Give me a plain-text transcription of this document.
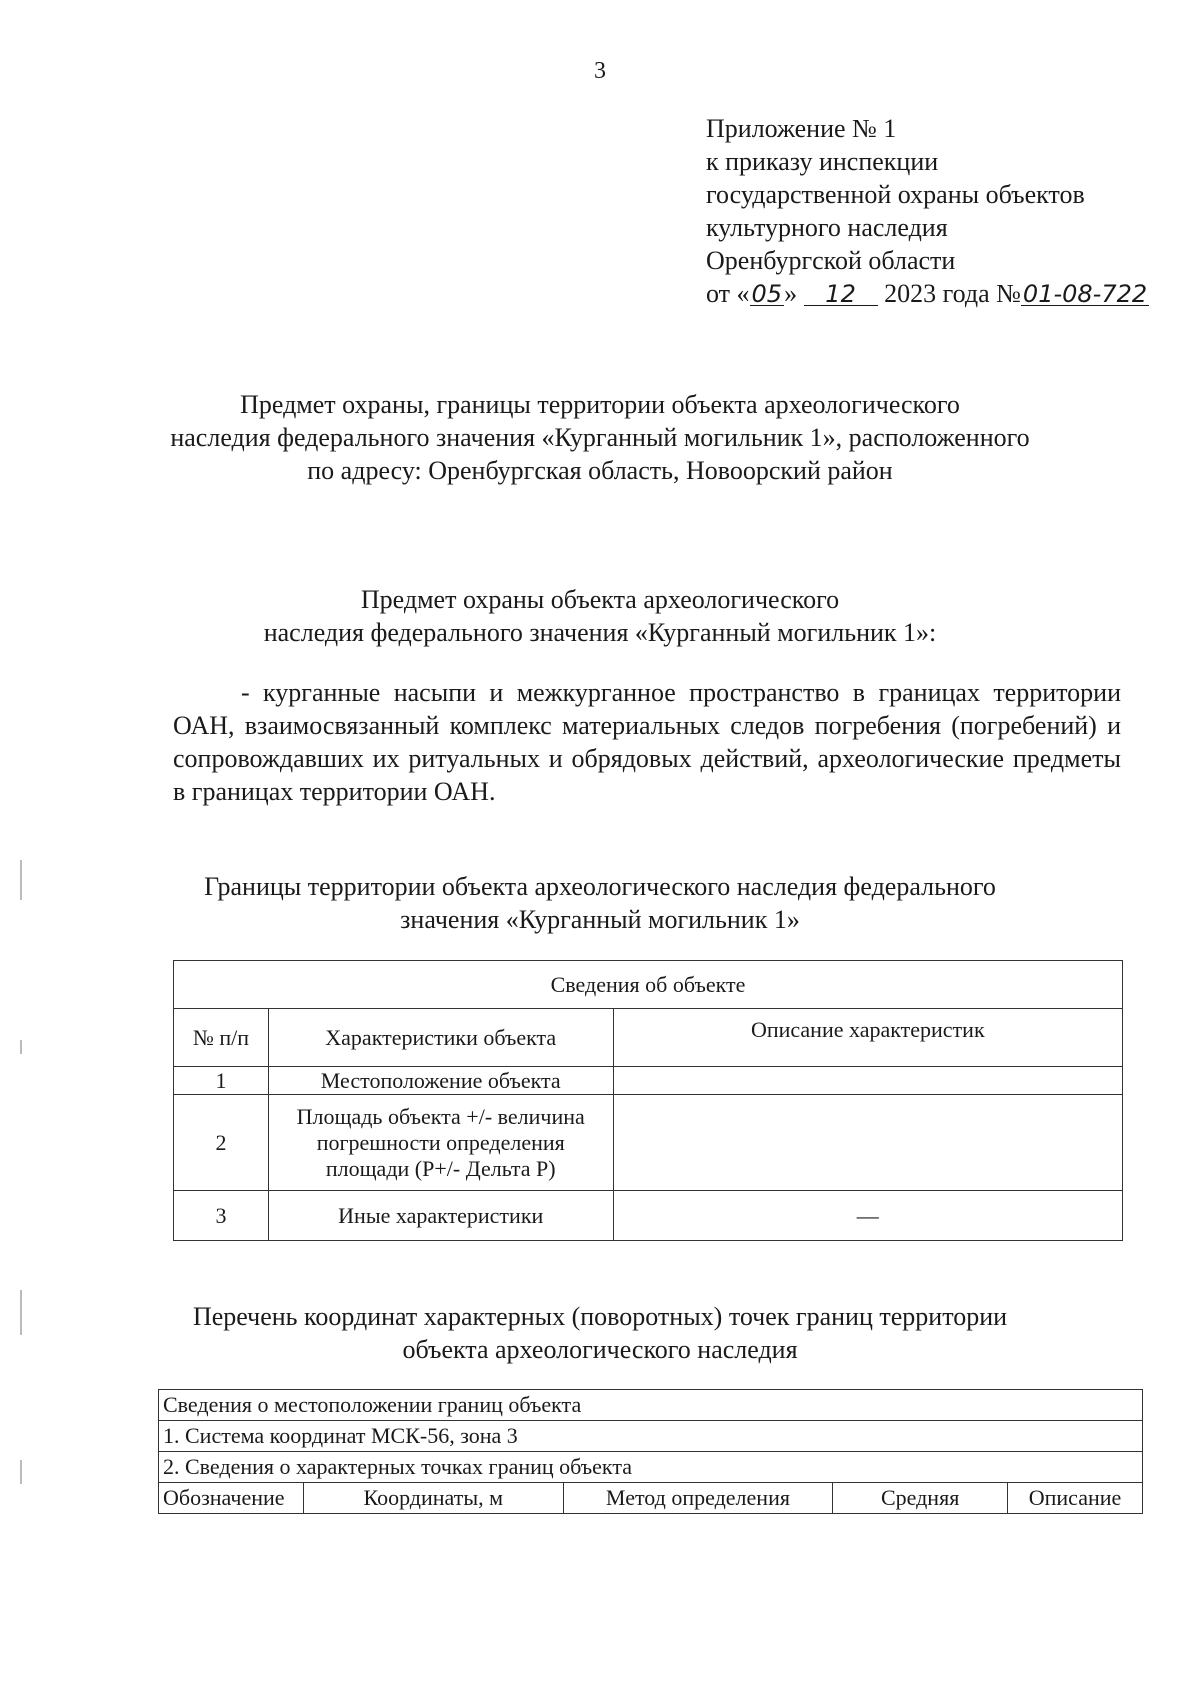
3
Приложение № 1
к приказу инспекции
государственной охраны объектов
культурного наследия
Оренбургской области
от «05» 12 2023 года №01-08-722
Предмет охраны, границы территории объекта археологического
наследия федерального значения «Курганный могильник 1», расположенного
по адресу: Оренбургская область, Новоорский район
Предмет охраны объекта археологического
наследия федерального значения «Курганный могильник 1»:
- курганные насыпи и межкурганное пространство в границах территории ОАН, взаимосвязанный комплекс материальных следов погребения (погребений) и сопровождавших их ритуальных и обрядовых действий, археологические предметы в границах территории ОАН.
Границы территории объекта археологического наследия федерального
значения «Курганный могильник 1»
Сведения об объекте		
№ п/п	Характеристики объекта	Описание характеристик
1	Местоположение объекта	
2	Площадь объекта +/- величина погрешности определения площади (Р+/- Дельта Р)	
3	Иные характеристики	—
Перечень координат характерных (поворотных) точек границ территории
объекта археологического наследия
Сведения о местоположении границ объекта
1. Система координат МСК-56, зона 3
2. Сведения о характерных точках границ объекта
Обозначение	Координаты, м	Метод определения	Средняя	Описание
